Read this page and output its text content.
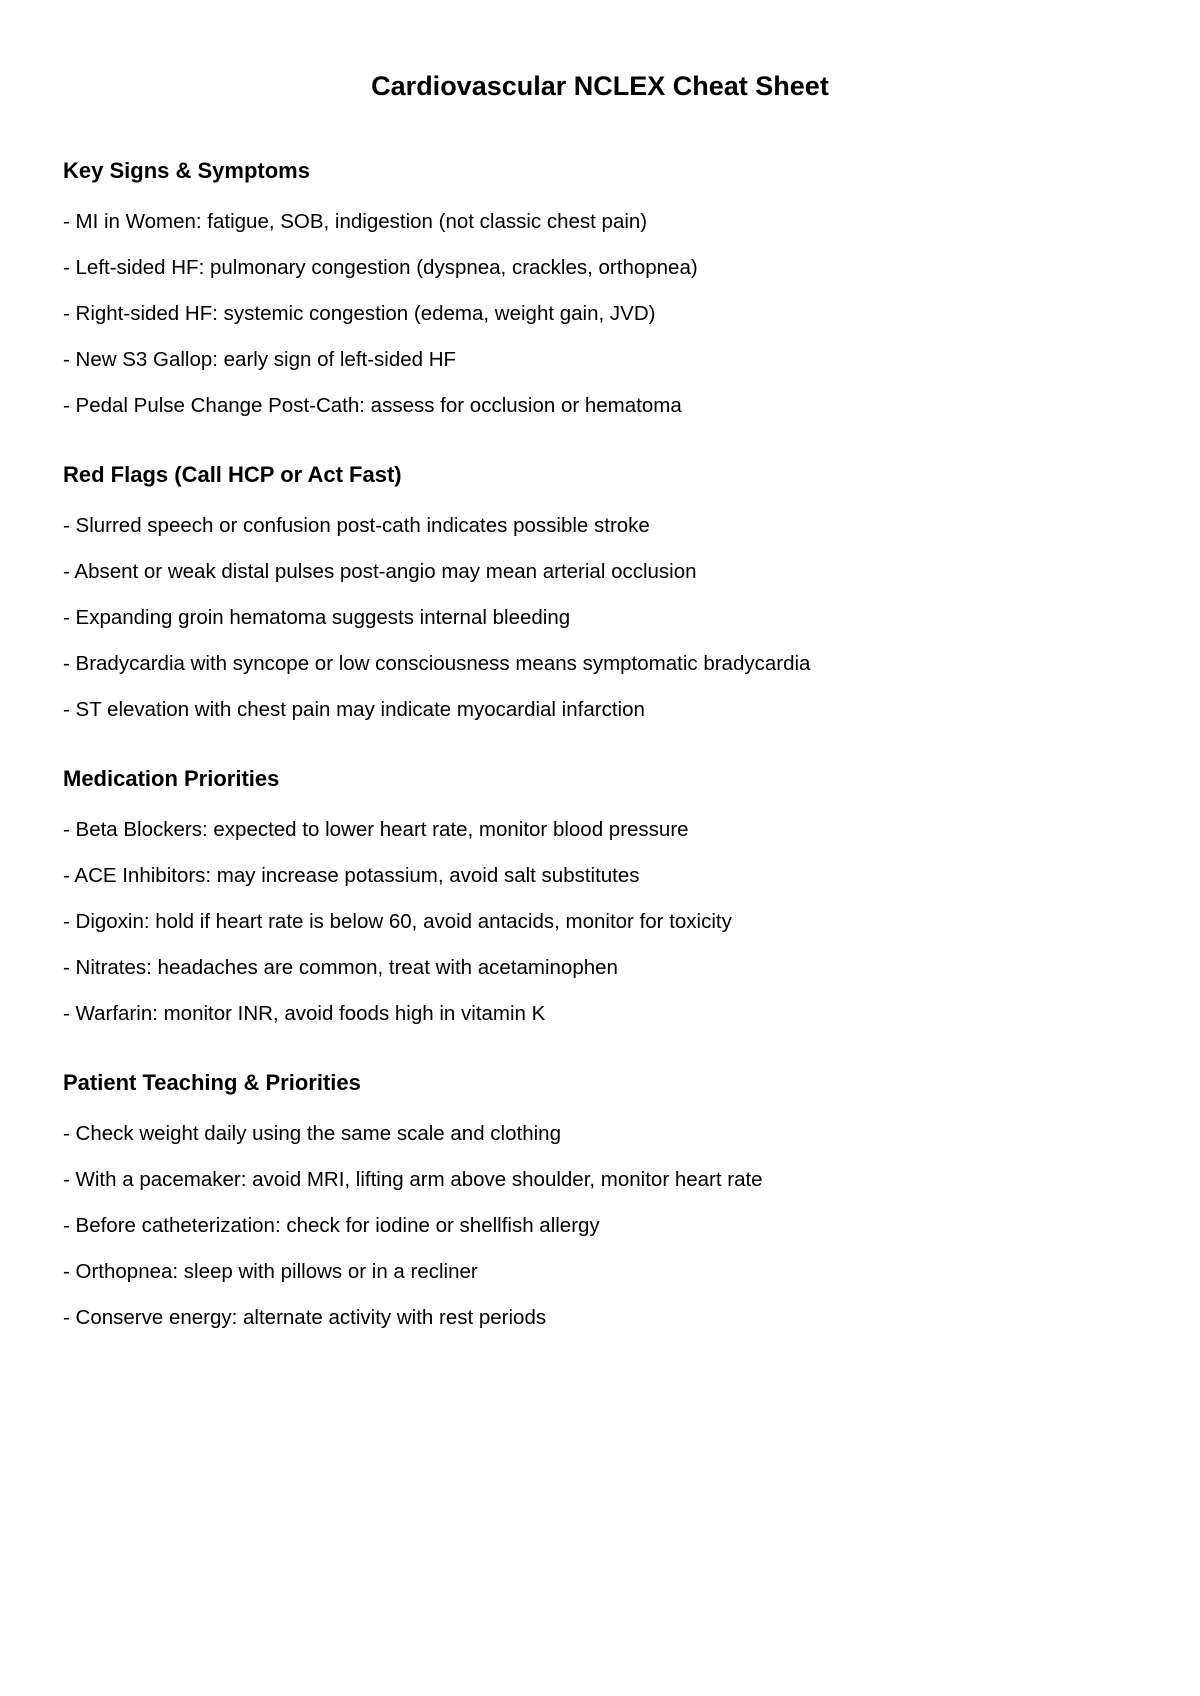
Cardiovascular NCLEX Cheat Sheet
Key Signs & Symptoms
- MI in Women: fatigue, SOB, indigestion (not classic chest pain)
- Left-sided HF: pulmonary congestion (dyspnea, crackles, orthopnea)
- Right-sided HF: systemic congestion (edema, weight gain, JVD)
- New S3 Gallop: early sign of left-sided HF
- Pedal Pulse Change Post-Cath: assess for occlusion or hematoma
Red Flags (Call HCP or Act Fast)
- Slurred speech or confusion post-cath indicates possible stroke
- Absent or weak distal pulses post-angio may mean arterial occlusion
- Expanding groin hematoma suggests internal bleeding
- Bradycardia with syncope or low consciousness means symptomatic bradycardia
- ST elevation with chest pain may indicate myocardial infarction
Medication Priorities
- Beta Blockers: expected to lower heart rate, monitor blood pressure
- ACE Inhibitors: may increase potassium, avoid salt substitutes
- Digoxin: hold if heart rate is below 60, avoid antacids, monitor for toxicity
- Nitrates: headaches are common, treat with acetaminophen
- Warfarin: monitor INR, avoid foods high in vitamin K
Patient Teaching & Priorities
- Check weight daily using the same scale and clothing
- With a pacemaker: avoid MRI, lifting arm above shoulder, monitor heart rate
- Before catheterization: check for iodine or shellfish allergy
- Orthopnea: sleep with pillows or in a recliner
- Conserve energy: alternate activity with rest periods
